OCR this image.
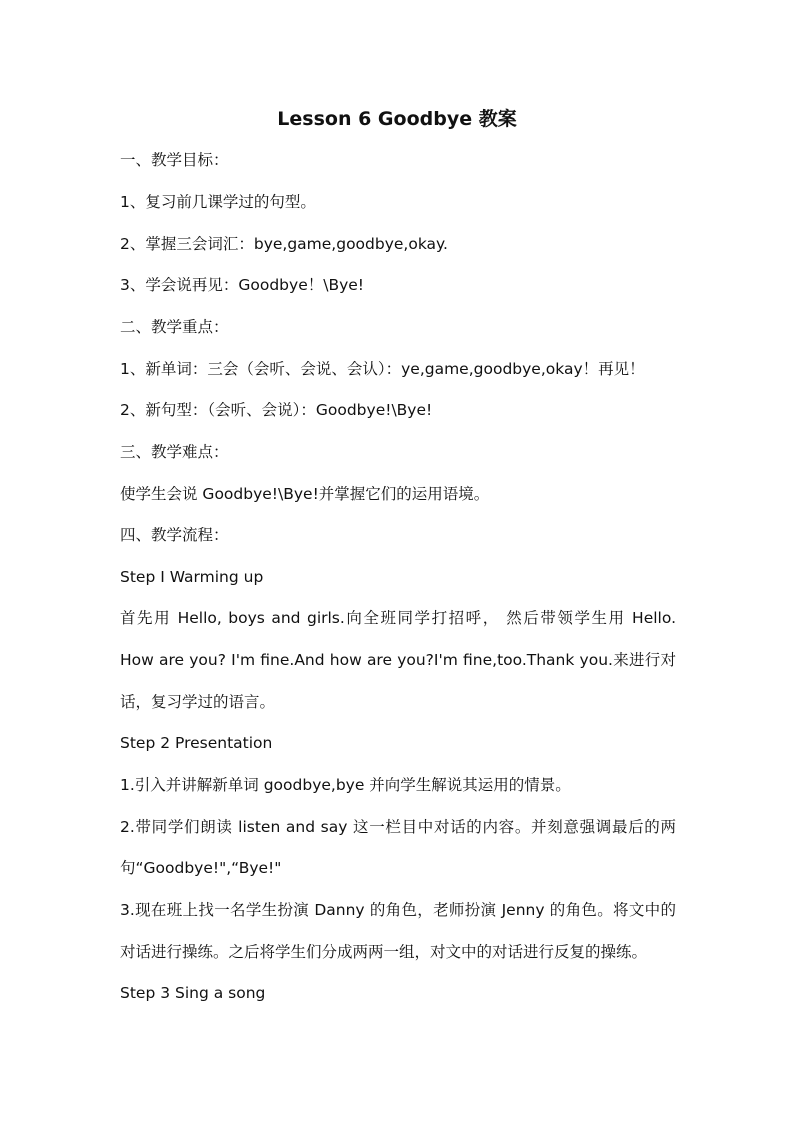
Lesson 6 Goodbye 教案
一、教学目标：
1、复习前几课学过的句型。
2、掌握三会词汇：bye,game,goodbye,okay.
3、学会说再见：Goodbye！\Bye!
二、教学重点：
1、新单词：三会（会听、会说、会认）：ye,game,goodbye,okay！再见！
2、新句型：（会听、会说）：Goodbye!\Bye!
三、教学难点：
使学生会说 Goodbye!\Bye!并掌握它们的运用语境。
四、教学流程：
Step I Warming up
首先用 Hello, boys and girls.向全班同学打招呼， 然后带领学生用 Hello.
How are you? I'm fine.And how are you?I'm fine,too.Thank you.来进行对
话，复习学过的语言。
Step 2 Presentation
1.引入并讲解新单词 goodbye,bye 并向学生解说其运用的情景。
2.带同学们朗读 listen and say 这一栏目中对话的内容。并刻意强调最后的两
句“Goodbye!",“Bye!"
3.现在班上找一名学生扮演 Danny 的角色，老师扮演 Jenny 的角色。将文中的
对话进行操练。之后将学生们分成两两一组，对文中的对话进行反复的操练。
Step 3 Sing a song
